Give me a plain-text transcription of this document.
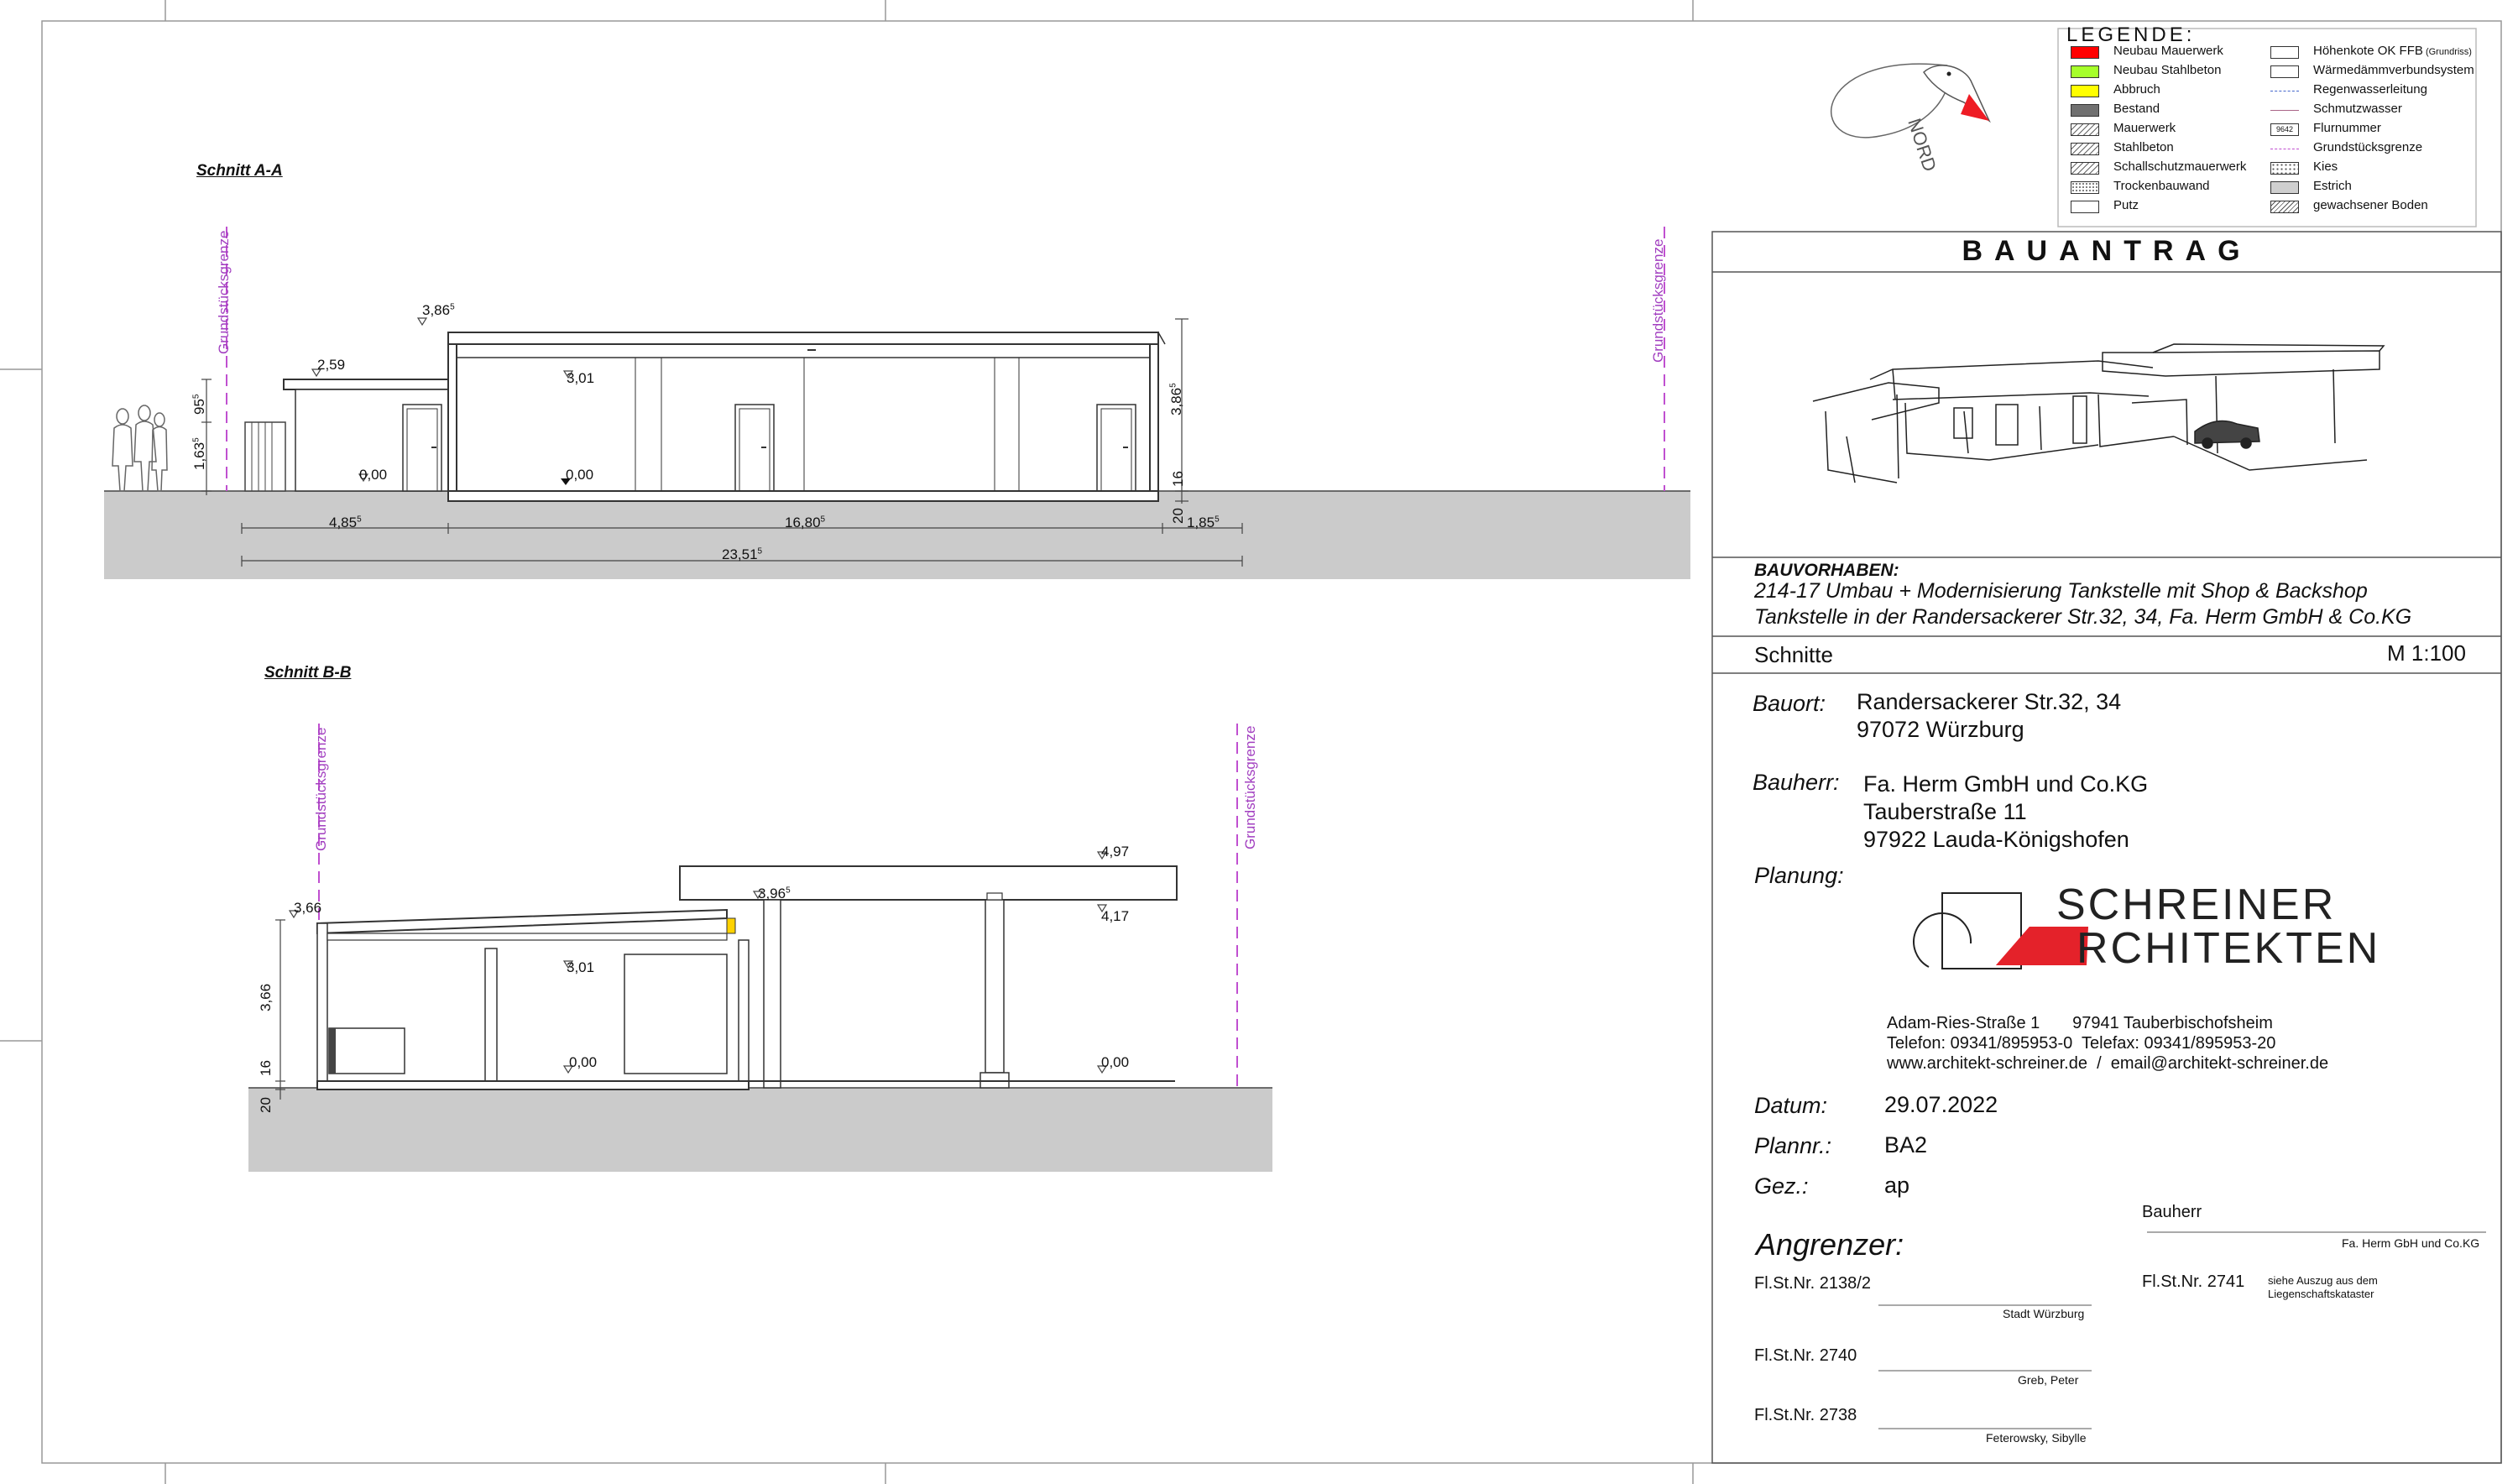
Schnitt A-A
Grundstücksgrenze	Grundstücksgrenze
3,86$^5$
2,59
3,01
0,00	0,00
3,86$^5$
16
20
$95^5$
1,63$^5$
4,85$^5$	16,80$^5$	1,85$^5$
23,51$^5$
Schnitt B-B
Grundstücksgrenze	Grundstücksgrenze
3,66
4,97
4,17
3,96$^5$
3,01
0,00	0,00
3,66
16
20
NORD
LEGENDE:
Neubau Mauerwerk
Neubau Stahlbeton
Abbruch
Bestand
Mauerwerk
Stahlbeton
Schallschutzmauerwerk
Trockenbauwand
Putz
Höhenkote OK FFB (Grundriss)
Wärmedämmverbundsystem
Regenwasserleitung
Schmutzwasser
9642	Flurnummer
Grundstücksgrenze
Kies
Estrich
gewachsener Boden
BAUANTRAG
BAUVORHABEN:
214-17 Umbau + Modernisierung Tankstelle mit Shop & Backshop
Tankstelle in der Randersackerer Str.32, 34, Fa. Herm GmbH & Co.KG
Schnitte	M 1:100
Bauort: Randersackerer Str.32, 34
97072 Würzburg
Bauherr: Fa. Herm GmbH und Co.KG
Tauberstraße 11
97922 Lauda-Königshofen
Planung:
SCHREINER
RCHITEKTEN
Adam-Ries-Straße 1       97941 Tauberbischofsheim
Telefon: 09341/895953-0  Telefax: 09341/895953-20
www.architekt-schreiner.de  /  email@architekt-schreiner.de
Datum:	29.07.2022
Plannr.: BA2
Gez.:	ap
Bauherr
Fa. Herm GbH und Co.KG
Angrenzer:
Fl.St.Nr. 2138/2
Stadt Würzburg
Fl.St.Nr. 2740
Greb, Peter
Fl.St.Nr. 2738
Feterowsky, Sibylle
Fl.St.Nr. 2741 siehe Auszug aus dem Liegenschaftskataster
